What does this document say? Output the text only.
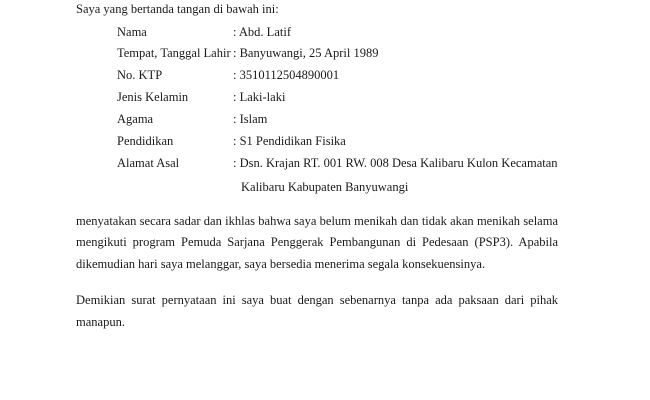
Saya yang bertanda tangan di bawah ini:
Nama	: Abd. Latif
Tempat, Tanggal Lahir : Banyuwangi, 25 April 1989
No. KTP	: 3510112504890001
Jenis Kelamin	: Laki-laki
Agama	: Islam
Pendidikan	: S1 Pendidikan Fisika
Alamat Asal	: Dsn. Krajan RT. 001 RW. 008 Desa Kalibaru Kulon Kecamatan
Kalibaru Kabupaten Banyuwangi
menyatakan secara sadar dan ikhlas bahwa saya belum menikah dan tidak akan menikah selama
mengikuti program Pemuda Sarjana Penggerak Pembangunan di Pedesaan (PSP3). Apabila
dikemudian hari saya melanggar, saya bersedia menerima segala konsekuensinya.
Demikian surat pernyataan ini saya buat dengan sebenarnya tanpa ada paksaan dari pihak
manapun.
